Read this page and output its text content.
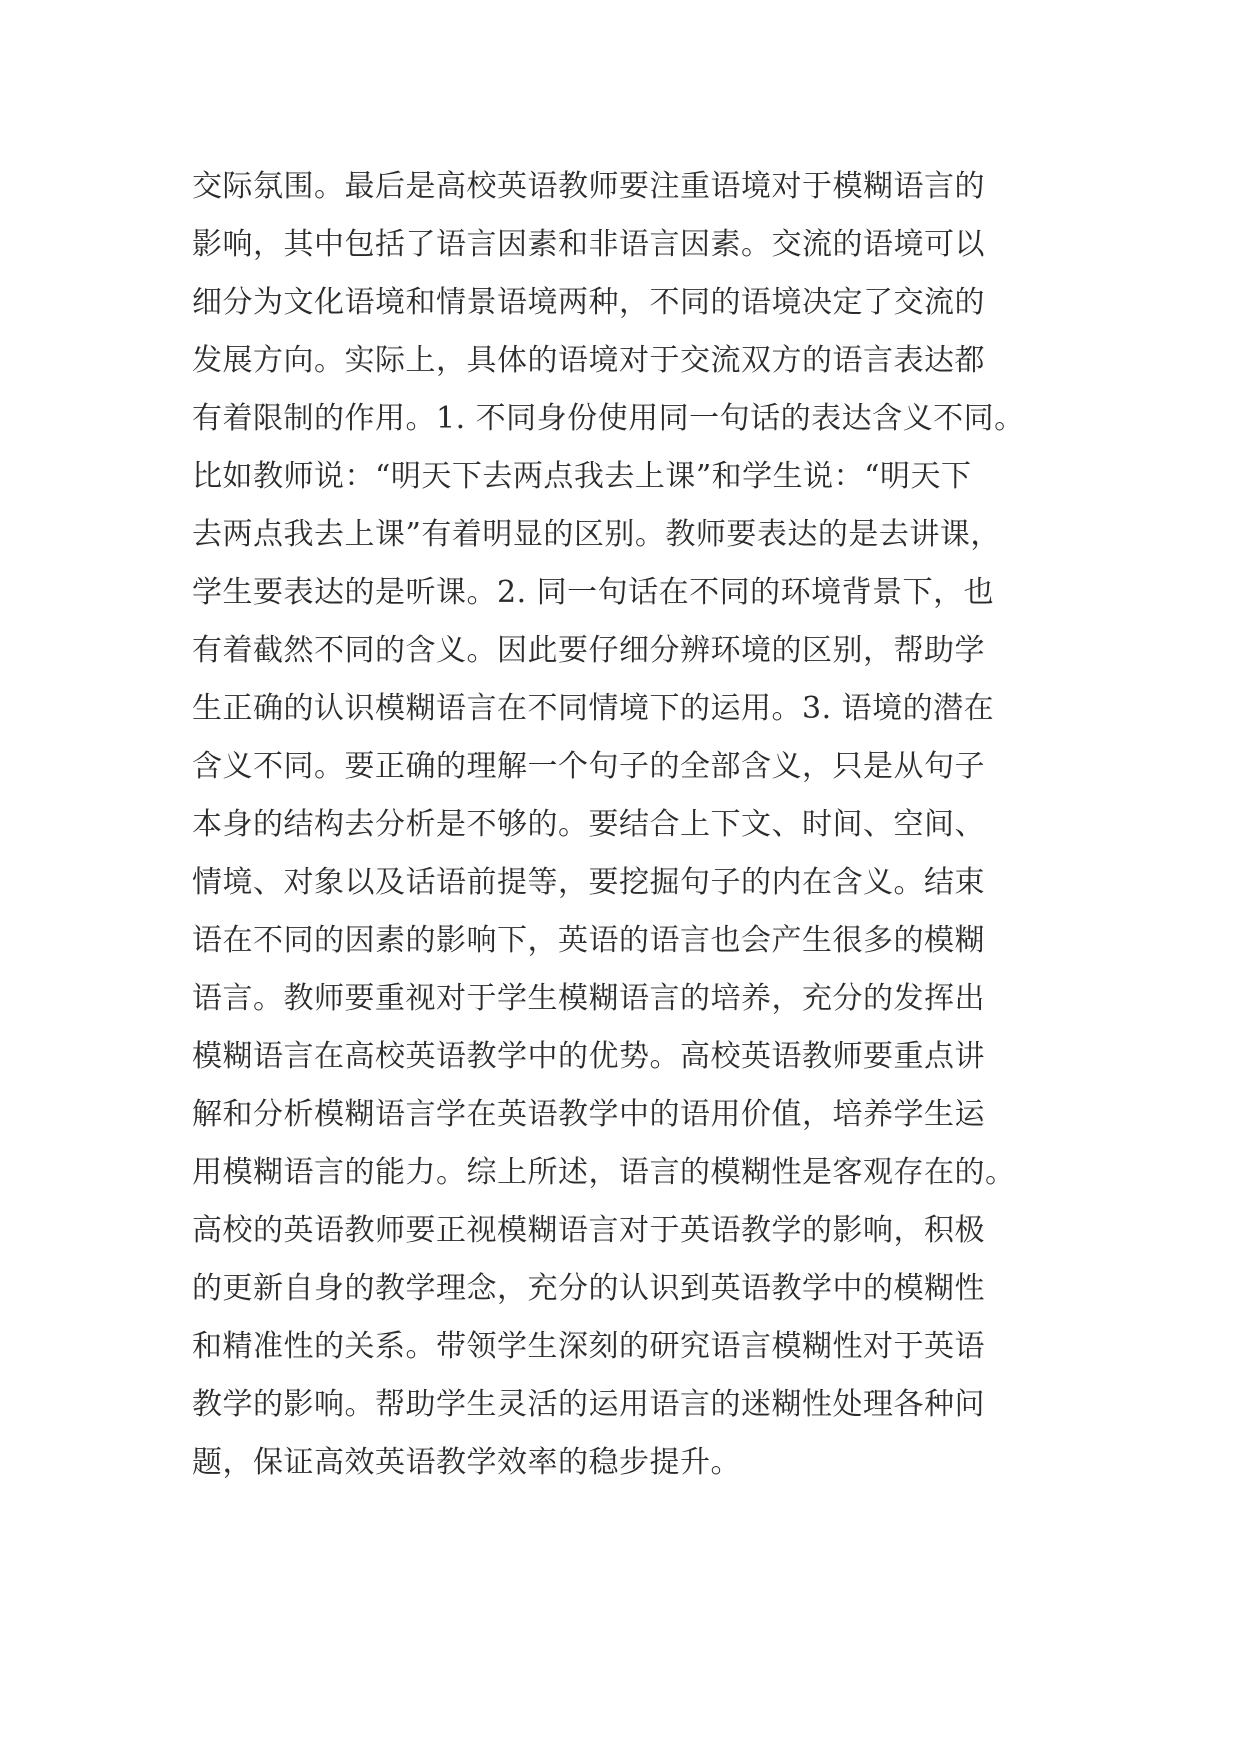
交际氛围。最后是高校英语教师要注重语境对于模糊语言的
影响，其中包括了语言因素和非语言因素。交流的语境可以
细分为文化语境和情景语境两种，不同的语境决定了交流的
发展方向。实际上，具体的语境对于交流双方的语言表达都
有着限制的作用。1. 不同身份使用同一句话的表达含义不同。
比如教师说：“明天下去两点我去上课”和学生说：“明天下
去两点我去上课”有着明显的区别。教师要表达的是去讲课，
学生要表达的是听课。2. 同一句话在不同的环境背景下，也
有着截然不同的含义。因此要仔细分辨环境的区别，帮助学
生正确的认识模糊语言在不同情境下的运用。3. 语境的潜在
含义不同。要正确的理解一个句子的全部含义，只是从句子
本身的结构去分析是不够的。要结合上下文、时间、空间、
情境、对象以及话语前提等，要挖掘句子的内在含义。结束
语在不同的因素的影响下，英语的语言也会产生很多的模糊
语言。教师要重视对于学生模糊语言的培养，充分的发挥出
模糊语言在高校英语教学中的优势。高校英语教师要重点讲
解和分析模糊语言学在英语教学中的语用价值，培养学生运
用模糊语言的能力。综上所述，语言的模糊性是客观存在的。
高校的英语教师要正视模糊语言对于英语教学的影响，积极
的更新自身的教学理念，充分的认识到英语教学中的模糊性
和精准性的关系。带领学生深刻的研究语言模糊性对于英语
教学的影响。帮助学生灵活的运用语言的迷糊性处理各种问
题，保证高效英语教学效率的稳步提升。
